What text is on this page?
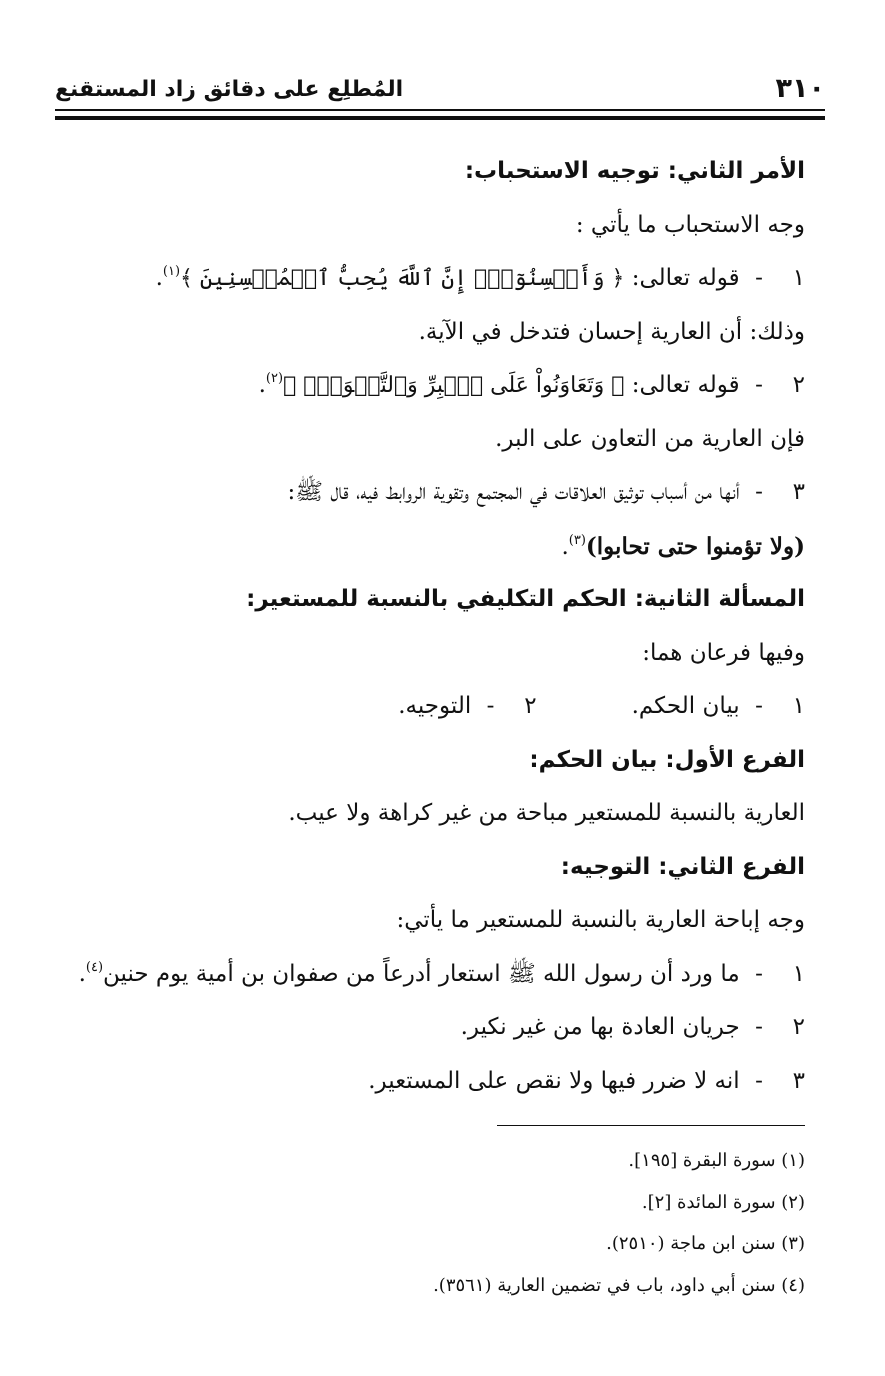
٣١٠
المُطلِع على دقائق زاد المستقنع
الأمر الثاني: توجيه الاستحباب:
وجه الاستحباب ما يأتي :
١- قوله تعالى: ﴿ وَأَحۡسِنُوٓاْۚ إِنَّ ٱللَّهَ يُحِبُّ ٱلۡمُحۡسِنِينَ ﴾$^{(١)}$.
وذلك: أن العارية إحسان فتدخل في الآية.
٢- قوله تعالى: ﴿ وَتَعَاوَنُواْ عَلَى ٱلۡبِرِّ وَٱلتَّقۡوَىٰۖ ﴾$^{(٢)}$.
فإن العارية من التعاون على البر.
٣- أنها من أسباب توثيق العلاقات في المجتمع وتقوية الروابط فيه، قال ﷺ:
(ولا تؤمنوا حتى تحابوا)$^{(٣)}$.
المسألة الثانية: الحكم التكليفي بالنسبة للمستعير:
وفيها فرعان هما:
١- بيان الحكم.
٢- التوجيه.
الفرع الأول: بيان الحكم:
العارية بالنسبة للمستعير مباحة من غير كراهة ولا عيب.
الفرع الثاني: التوجيه:
وجه إباحة العارية بالنسبة للمستعير ما يأتي:
١- ما ورد أن رسول الله ﷺ استعار أدرعاً من صفوان بن أمية يوم حنين$^{(٤)}$.
٢- جريان العادة بها من غير نكير.
٣- انه لا ضرر فيها ولا نقص على المستعير.
(١) سورة البقرة [١٩٥].
(٢) سورة المائدة [٢].
(٣) سنن ابن ماجة (٢٥١٠).
(٤) سنن أبي داود، باب في تضمين العارية (٣٥٦١).
